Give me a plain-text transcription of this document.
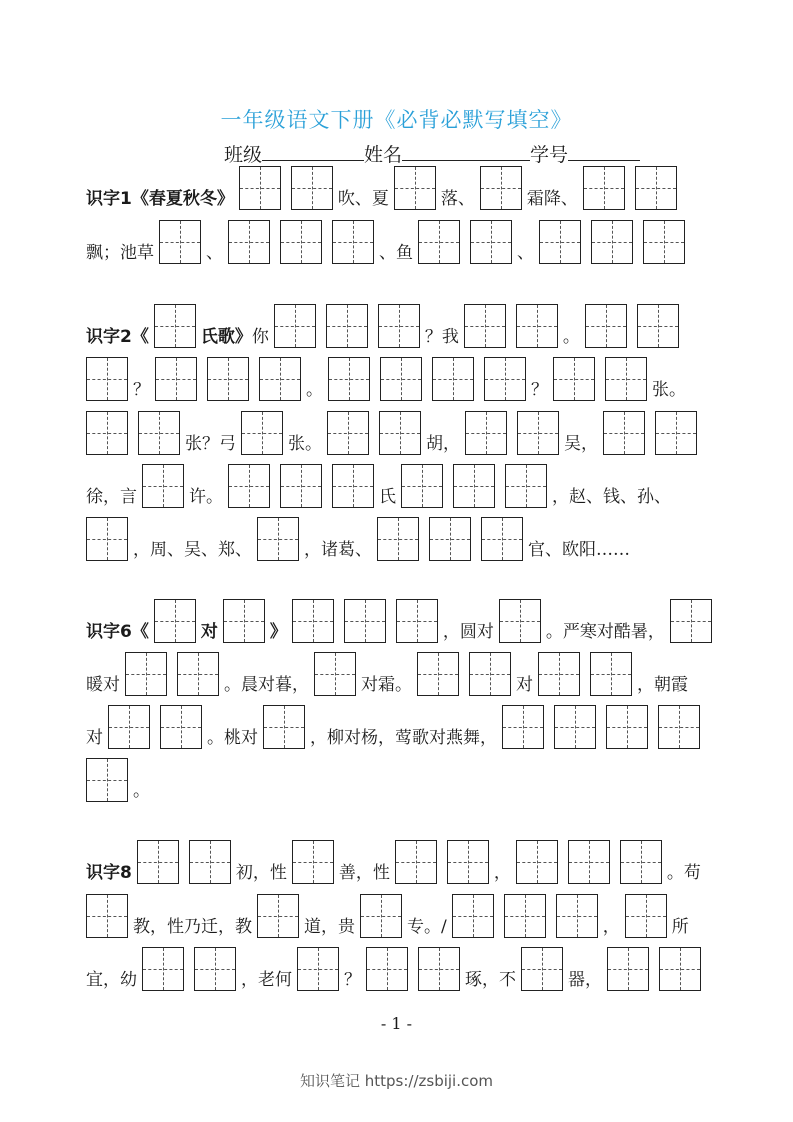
一年级语文下册《必背必默写填空》
班级	姓名	学号
识字1《春夏秋冬》	吹、夏	落、	霜降、
飘；池草	、	、鱼	、
识字2《	氏歌》 你	？我	。
？	。	？	张。
张？弓	张。	胡，	吴，
徐，言	许。	氏	，赵、钱、孙、
，周、吴、郑、	，诸葛、	官、欧阳……
识字6《	对	》	，圆对	。严寒对酷暑，
暖对	。晨对暮，	对霜。	对	，朝霞
对	。桃对	，柳对杨，莺歌对燕舞，
。
识字8	初，性	善，性	，	。苟
教，性乃迁，教	道，贵	专。/	，	所
宜，幼	，老何	？	琢，不	器，
- 1 -
知识笔记 https://zsbiji.com
